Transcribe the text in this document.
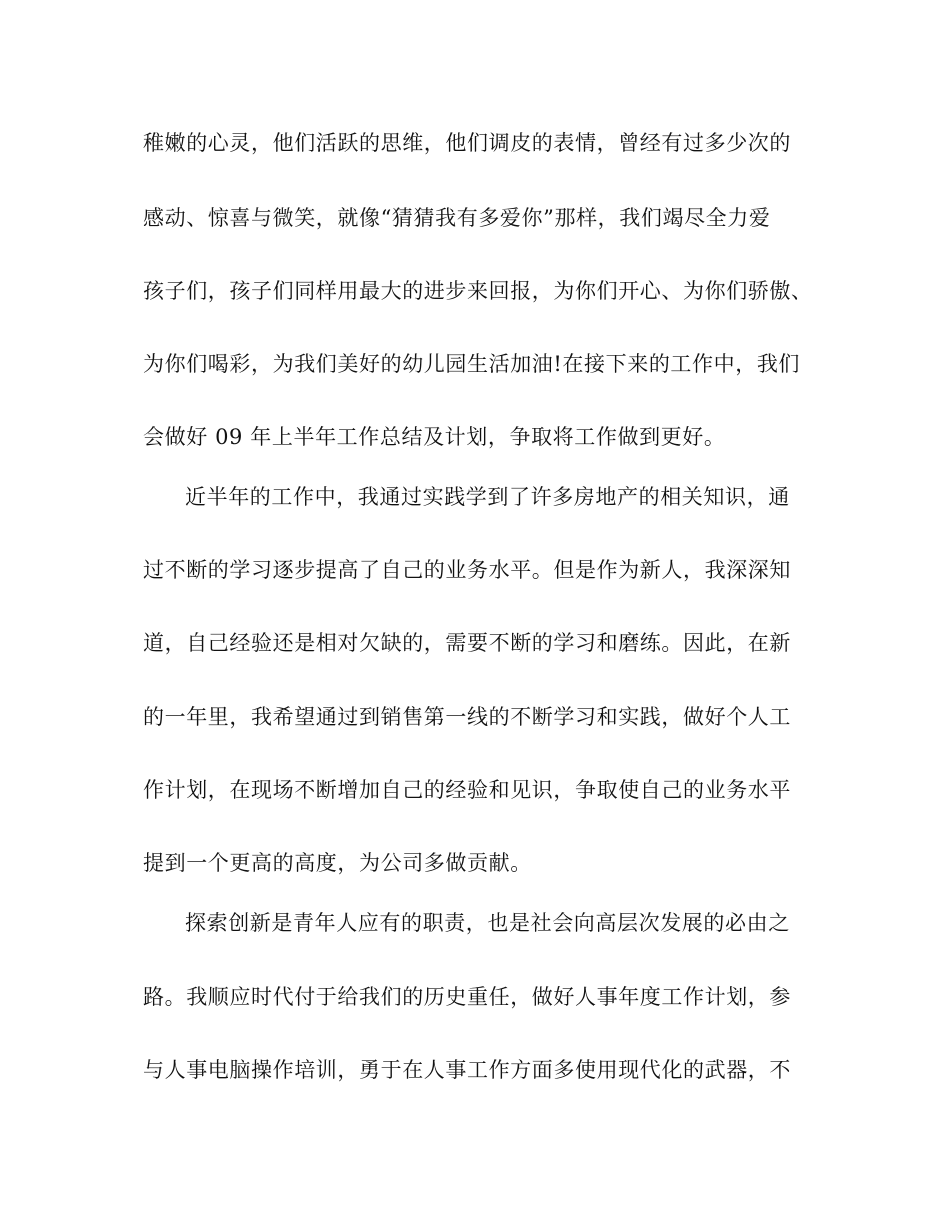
稚嫩的心灵，他们活跃的思维，他们调皮的表情，曾经有过多少次的
感动、惊喜与微笑，就像“猜猜我有多爱你”那样，我们竭尽全力爱
孩子们，孩子们同样用最大的进步来回报，为你们开心、为你们骄傲、
为你们喝彩，为我们美好的幼儿园生活加油!在接下来的工作中，我们
会做好 09 年上半年工作总结及计划，争取将工作做到更好。
近半年的工作中，我通过实践学到了许多房地产的相关知识，通
过不断的学习逐步提高了自己的业务水平。但是作为新人，我深深知
道，自己经验还是相对欠缺的，需要不断的学习和磨练。因此，在新
的一年里，我希望通过到销售第一线的不断学习和实践，做好个人工
作计划，在现场不断增加自己的经验和见识，争取使自己的业务水平
提到一个更高的高度，为公司多做贡献。
探索创新是青年人应有的职责，也是社会向高层次发展的必由之
路。我顺应时代付于给我们的历史重任，做好人事年度工作计划，参
与人事电脑操作培训，勇于在人事工作方面多使用现代化的武器，不
